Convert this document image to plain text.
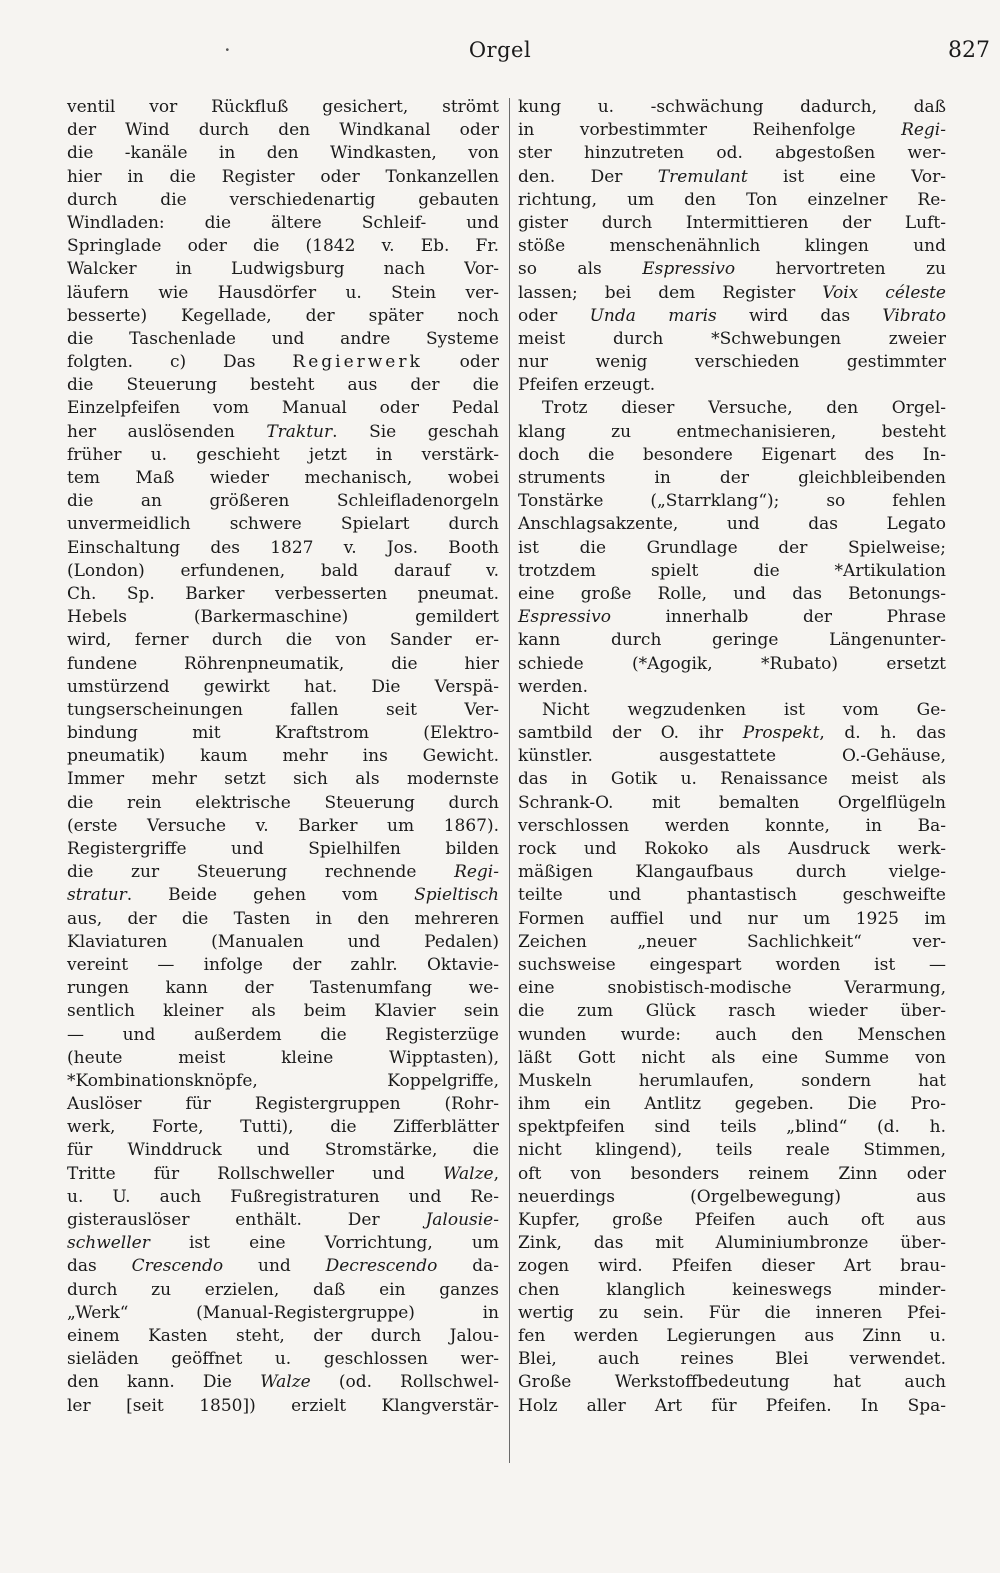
·	Orgel	827
ventil vor Rückfluß gesichert, strömt
der Wind durch den Windkanal oder
die -kanäle in den Windkasten, von
hier in die Register oder Tonkanzellen
durch die verschiedenartig gebauten
Windladen: die ältere Schleif- und
Springlade oder die (1842 v. Eb. Fr.
Walcker in Ludwigsburg nach Vor-
läufern wie Hausdörfer u. Stein ver-
besserte) Kegellade, der später noch
die Taschenlade und andre Systeme
folgten. c) Das Regierwerk oder
die Steuerung besteht aus der die
Einzelpfeifen vom Manual oder Pedal
her auslösenden Traktur. Sie geschah
früher u. geschieht jetzt in verstärk-
tem Maß wieder mechanisch, wobei
die an größeren Schleifladenorgeln
unvermeidlich schwere Spielart durch
Einschaltung des 1827 v. Jos. Booth
(London) erfundenen, bald darauf v.
Ch. Sp. Barker verbesserten pneumat.
Hebels (Barkermaschine) gemildert
wird, ferner durch die von Sander er-
fundene Röhrenpneumatik, die hier
umstürzend gewirkt hat. Die Verspä-
tungserscheinungen fallen seit Ver-
bindung mit Kraftstrom (Elektro-
pneumatik) kaum mehr ins Gewicht.
Immer mehr setzt sich als modernste
die rein elektrische Steuerung durch
(erste Versuche v. Barker um 1867).
Registergriffe und Spielhilfen bilden
die zur Steuerung rechnende Regi-
stratur. Beide gehen vom Spieltisch
aus, der die Tasten in den mehreren
Klaviaturen (Manualen und Pedalen)
vereint — infolge der zahlr. Oktavie-
rungen kann der Tastenumfang we-
sentlich kleiner als beim Klavier sein
— und außerdem die Registerzüge
(heute meist kleine Wipptasten),
*Kombinationsknöpfe, Koppelgriffe,
Auslöser für Registergruppen (Rohr-
werk, Forte, Tutti), die Zifferblätter
für Winddruck und Stromstärke, die
Tritte für Rollschweller und Walze,
u. U. auch Fußregistraturen und Re-
gisterauslöser enthält. Der Jalousie-
schweller ist eine Vorrichtung, um
das Crescendo und Decrescendo da-
durch zu erzielen, daß ein ganzes
„Werk“ (Manual-Registergruppe) in
einem Kasten steht, der durch Jalou-
sieläden geöffnet u. geschlossen wer-
den kann. Die Walze (od. Rollschwel-
ler [seit 1850]) erzielt Klangverstär-
kung u. -schwächung dadurch, daß
in vorbestimmter Reihenfolge Regi-
ster hinzutreten od. abgestoßen wer-
den. Der Tremulant ist eine Vor-
richtung, um den Ton einzelner Re-
gister durch Intermittieren der Luft-
stöße menschenähnlich klingen und
so als Espressivo hervortreten zu
lassen; bei dem Register Voix céleste
oder Unda maris wird das Vibrato
meist durch *Schwebungen zweier
nur wenig verschieden gestimmter
Pfeifen erzeugt.
Trotz dieser Versuche, den Orgel-
klang zu entmechanisieren, besteht
doch die besondere Eigenart des In-
struments in der gleichbleibenden
Tonstärke („Starrklang“); so fehlen
Anschlagsakzente, und das Legato
ist die Grundlage der Spielweise;
trotzdem spielt die *Artikulation
eine große Rolle, und das Betonungs-
Espressivo innerhalb der Phrase
kann durch geringe Längenunter-
schiede (*Agogik, *Rubato) ersetzt
werden.
Nicht wegzudenken ist vom Ge-
samtbild der O. ihr Prospekt, d. h. das
künstler. ausgestattete O.-Gehäuse,
das in Gotik u. Renaissance meist als
Schrank-O. mit bemalten Orgelflügeln
verschlossen werden konnte, in Ba-
rock und Rokoko als Ausdruck werk-
mäßigen Klangaufbaus durch vielge-
teilte und phantastisch geschweifte
Formen auffiel und nur um 1925 im
Zeichen „neuer Sachlichkeit“ ver-
suchsweise eingespart worden ist —
eine snobistisch-modische Verarmung,
die zum Glück rasch wieder über-
wunden wurde: auch den Menschen
läßt Gott nicht als eine Summe von
Muskeln herumlaufen, sondern hat
ihm ein Antlitz gegeben. Die Pro-
spektpfeifen sind teils „blind“ (d. h.
nicht klingend), teils reale Stimmen,
oft von besonders reinem Zinn oder
neuerdings (Orgelbewegung) aus
Kupfer, große Pfeifen auch oft aus
Zink, das mit Aluminiumbronze über-
zogen wird. Pfeifen dieser Art brau-
chen klanglich keineswegs minder-
wertig zu sein. Für die inneren Pfei-
fen werden Legierungen aus Zinn u.
Blei, auch reines Blei verwendet.
Große Werkstoffbedeutung hat auch
Holz aller Art für Pfeifen. In Spa-
